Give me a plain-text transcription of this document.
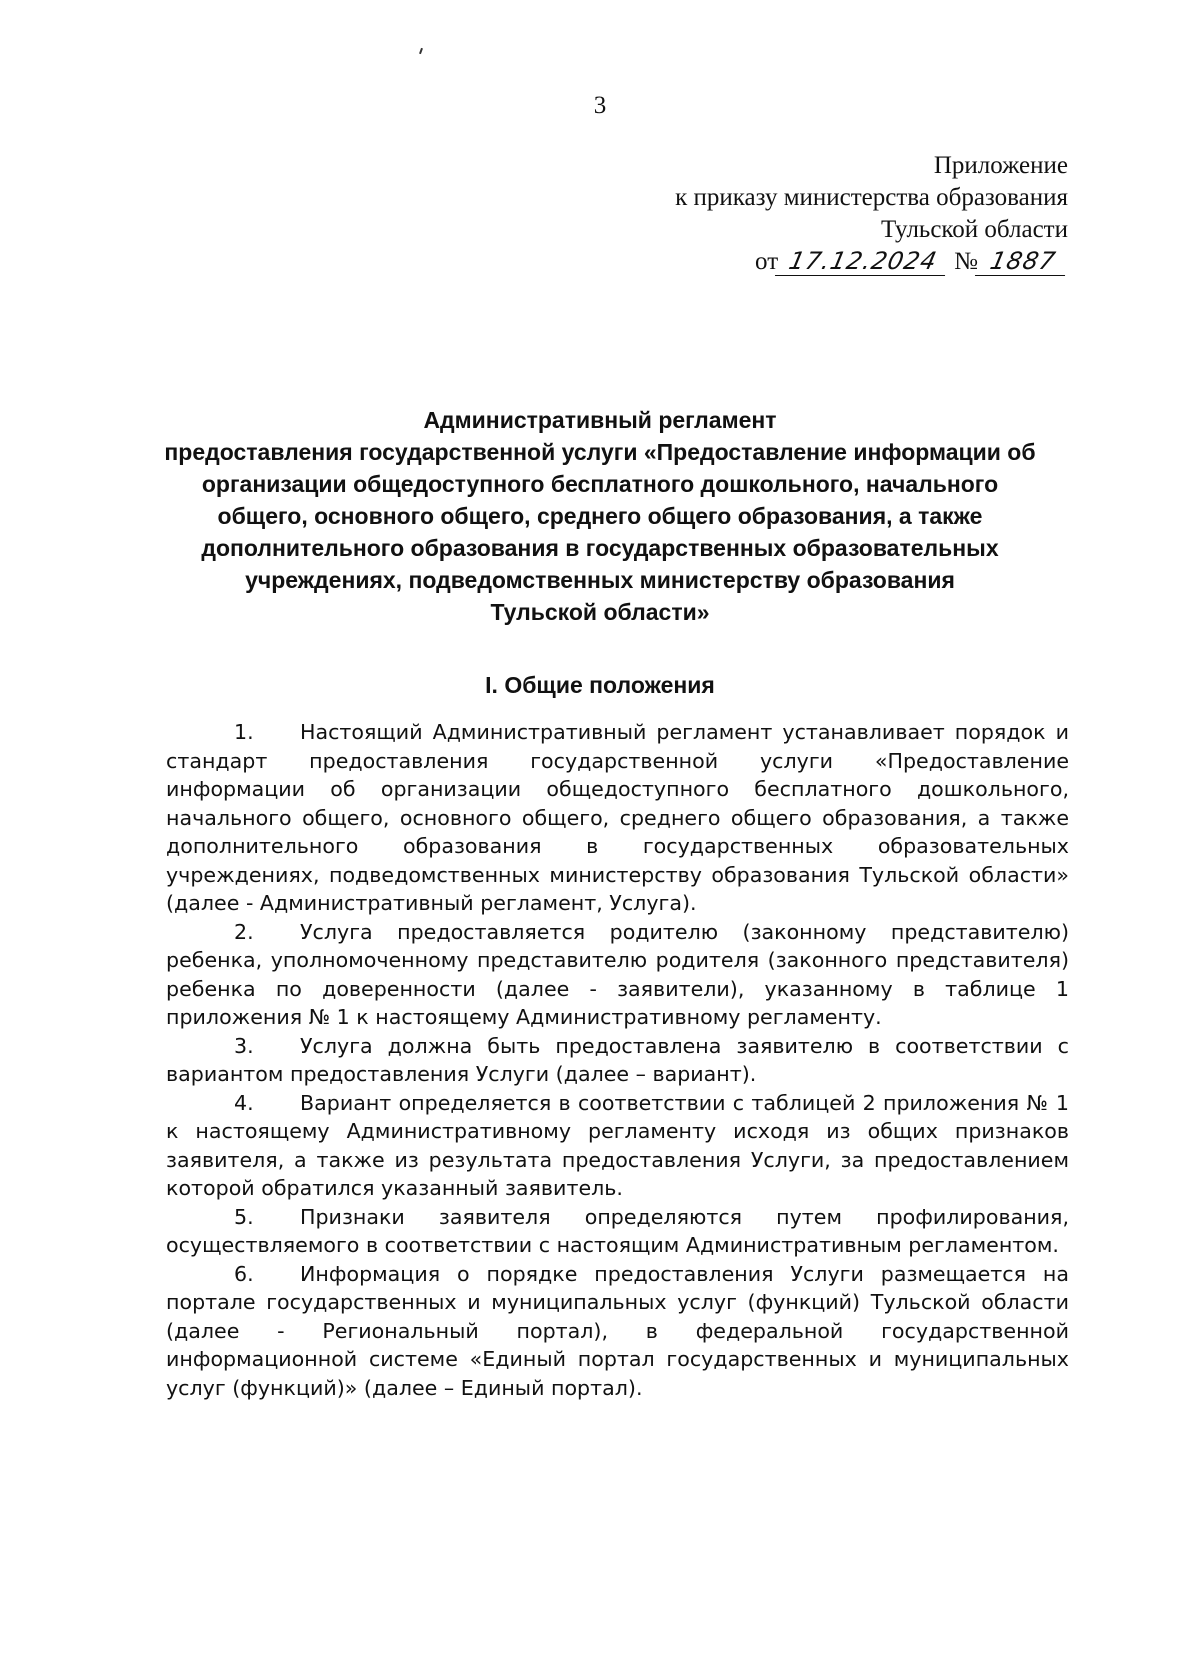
3
Приложение
к приказу министерства образования
Тульской области
от 17.12.2024 № 1887
Административный регламент
предоставления государственной услуги «Предоставление информации об
организации общедоступного бесплатного дошкольного, начального
общего, основного общего, среднего общего образования, а также
дополнительного образования в государственных образовательных
учреждениях, подведомственных министерству образования
Тульской области»
I. Общие положения

1. Настоящий Административный регламент устанавливает порядок и стандарт предоставления государственной услуги «Предоставление информации об организации общедоступного бесплатного дошкольного, начального общего, основного общего, среднего общего образования, а также дополнительного образования в государственных образовательных учреждениях, подведомственных министерству образования Тульской области» (далее - Административный регламент, Услуга).

2. Услуга предоставляется родителю (законному представителю) ребенка, уполномоченному представителю родителя (законного представителя) ребенка по доверенности (далее - заявители), указанному в таблице 1 приложения № 1 к настоящему Административному регламенту.

3. Услуга должна быть предоставлена заявителю в соответствии с вариантом предоставления Услуги (далее – вариант).

4. Вариант определяется в соответствии с таблицей 2 приложения № 1 к настоящему Административному регламенту исходя из общих признаков заявителя, а также из результата предоставления Услуги, за предоставлением которой обратился указанный заявитель.

5. Признаки заявителя определяются путем профилирования, осуществляемого в соответствии с настоящим Административным регламентом.

6. Информация о порядке предоставления Услуги размещается на портале государственных и муниципальных услуг (функций) Тульской области (далее - Региональный портал), в федеральной государственной информационной системе «Единый портал государственных и муниципальных услуг (функций)» (далее – Единый портал).
